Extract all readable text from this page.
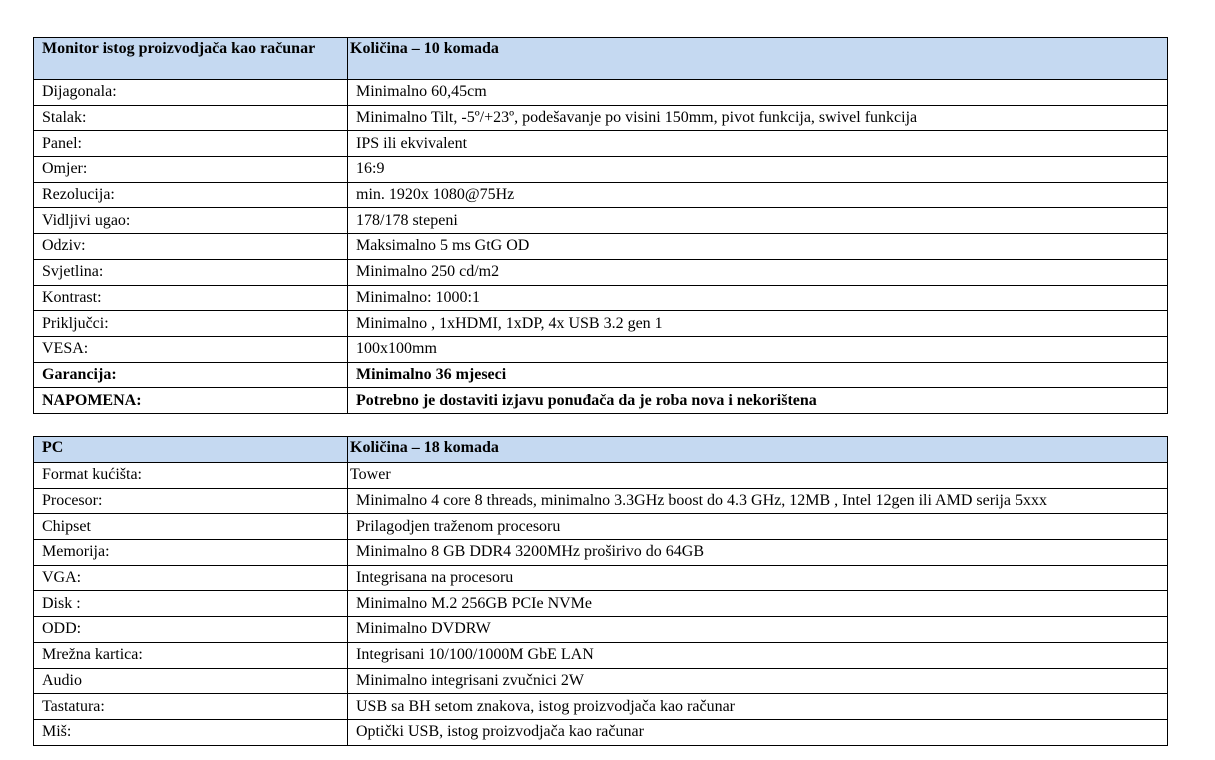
Monitor istog proizvodjača kao računar	Količina – 10 komada
Dijagonala:	Minimalno 60,45cm
Stalak:	Minimalno Tilt, -5º/+23º, podešavanje po visini 150mm, pivot funkcija, swivel funkcija
Panel:	IPS ili ekvivalent
Omjer:	16:9
Rezolucija:	min. 1920x 1080@75Hz
Vidljivi ugao:	178/178 stepeni
Odziv:	Maksimalno 5 ms GtG OD
Svjetlina:	Minimalno 250 cd/m2
Kontrast:	Minimalno: 1000:1
Priključci:	Minimalno , 1xHDMI, 1xDP, 4x USB 3.2 gen 1
VESA:	100x100mm
Garancija:	Minimalno 36 mjeseci
NAPOMENA:	Potrebno je dostaviti izjavu ponuđača da je roba nova i nekorištena
PC	Količina – 18 komada
Format kućišta:	Tower
Procesor:	Minimalno 4 core 8 threads, minimalno 3.3GHz boost do 4.3 GHz, 12MB , Intel 12gen ili AMD serija 5xxx
Chipset	Prilagodjen traženom procesoru
Memorija:	Minimalno 8 GB DDR4 3200MHz proširivo do 64GB
VGA:	Integrisana na procesoru
Disk :	Minimalno M.2 256GB PCIe NVMe
ODD:	Minimalno DVDRW
Mrežna kartica:	Integrisani 10/100/1000M GbE LAN
Audio	Minimalno integrisani zvučnici 2W
Tastatura:	USB sa BH setom znakova, istog proizvodjača kao računar
Miš:	Optički USB, istog proizvodjača kao računar
